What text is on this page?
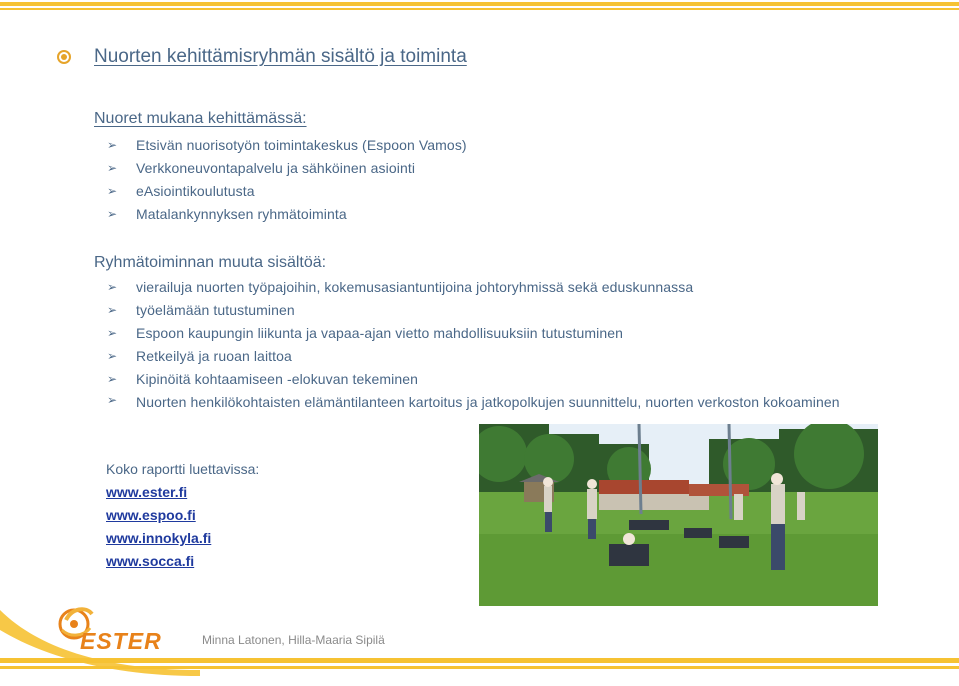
Nuorten kehittämisryhmän sisältö ja toiminta
Nuoret mukana kehittämässä:
➢ Etsivän nuorisotyön toimintakeskus (Espoon Vamos)
➢ Verkkoneuvontapalvelu ja sähköinen asiointi
➢ eAsiointikoulutusta
➢ Matalankynnyksen ryhmätoiminta
Ryhmätoiminnan muuta sisältöä:
➢ vierailuja nuorten työpajoihin, kokemusasiantuntijoina johtoryhmissä sekä eduskunnassa
➢ työelämään tutustuminen
➢ Espoon kaupungin liikunta ja vapaa-ajan vietto mahdollisuuksiin tutustuminen
➢ Retkeilyä ja ruoan laittoa
➢ Kipinöitä kohtaamiseen -elokuvan tekeminen
➢ Nuorten henkilökohtaisten elämäntilanteen kartoitus ja jatkopolkujen suunnittelu, nuorten verkoston kokoaminen
Koko raportti luettavissa:
www.ester.fi
www.espoo.fi
www.innokyla.fi
www.socca.fi
ESTER	Minna Latonen, Hilla-Maaria Sipilä
